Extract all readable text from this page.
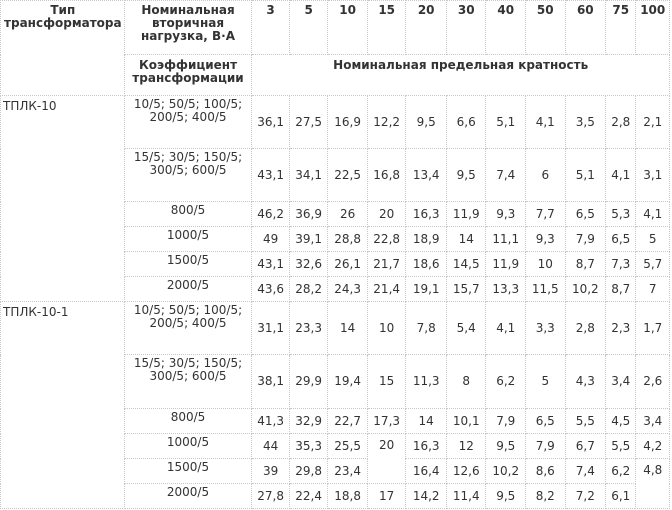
Тип трансформатора	Номинальная вторичная нагрузка, В·А	3	5	10	15	20	30	40	50	60	75	100
	Коэффициент трансформации	Номинальная предельная кратность										
ТПЛК-10	10/5; 50/5; 100/5; 200/5; 400/5	36,1	27,5	16,9	12,2	9,5	6,6	5,1	4,1	3,5	2,8	2,1
	15/5; 30/5; 150/5; 300/5; 600/5	43,1	34,1	22,5	16,8	13,4	9,5	7,4	6	5,1	4,1	3,1
	800/5	46,2	36,9	26	20	16,3	11,9	9,3	7,7	6,5	5,3	4,1
	1000/5	49	39,1	28,8	22,8	18,9	14	11,1	9,3	7,9	6,5	5
	1500/5	43,1	32,6	26,1	21,7	18,6	14,5	11,9	10	8,7	7,3	5,7
	2000/5	43,6	28,2	24,3	21,4	19,1	15,7	13,3	11,5	10,2	8,7	7
ТПЛК-10-1	10/5; 50/5; 100/5; 200/5; 400/5	31,1	23,3	14	10	7,8	5,4	4,1	3,3	2,8	2,3	1,7
	15/5; 30/5; 150/5; 300/5; 600/5	38,1	29,9	19,4	15	11,3	8	6,2	5	4,3	3,4	2,6
	800/5	41,3	32,9	22,7	17,3	14	10,1	7,9	6,5	5,5	4,5	3,4
	1000/5	44	35,3	25,5	20	16,3	12	9,5	7,9	6,7	5,5	4,2
	1500/5	39	29,8	23,4		16,4	12,6	10,2	8,6	7,4	6,2	4,8
	2000/5	27,8	22,4	18,8	17	14,2	11,4	9,5	8,2	7,2	6,1	
